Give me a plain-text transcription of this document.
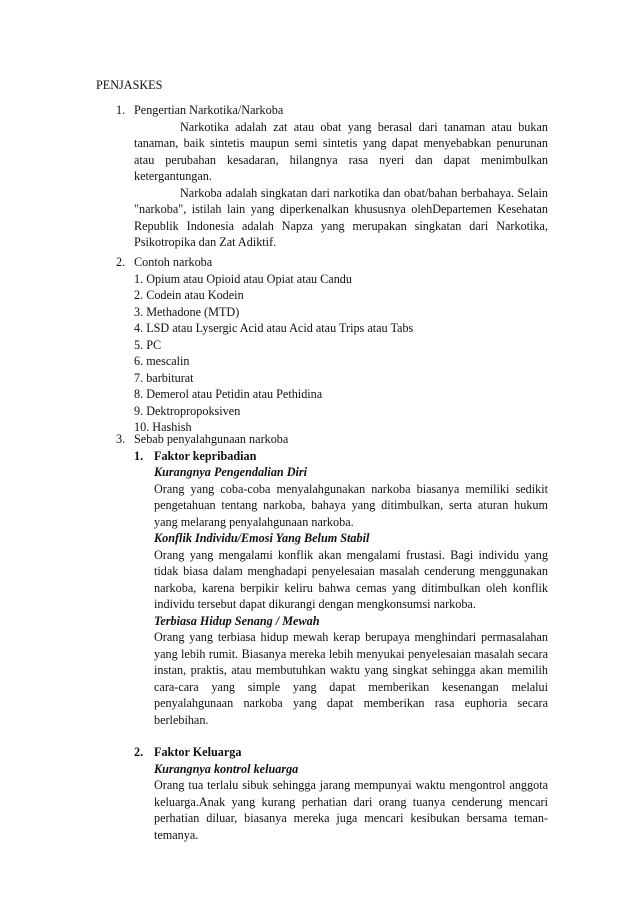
PENJASKES
1. Pengertian Narkotika/Narkoba
Narkotika adalah zat atau obat yang berasal dari tanaman atau bukan tanaman, baik sintetis maupun semi sintetis yang dapat menyebabkan penurunan atau perubahan kesadaran, hilangnya rasa nyeri dan dapat menimbulkan ketergantungan.
Narkoba adalah singkatan dari narkotika dan obat/bahan berbahaya. Selain "narkoba", istilah lain yang diperkenalkan khususnya olehDepartemen Kesehatan Republik Indonesia adalah Napza yang merupakan singkatan dari Narkotika, Psikotropika dan Zat Adiktif.
2. Contoh narkoba
1. Opium atau Opioid atau Opiat atau Candu
2. Codein atau Kodein
3. Methadone (MTD)
4. LSD atau Lysergic Acid atau Acid atau Trips atau Tabs
5. PC
6. mescalin
7. barbiturat
8. Demerol atau Petidin atau Pethidina
9. Dektropropoksiven
10. Hashish
3. Sebab penyalahgunaan narkoba
1. Faktor kepribadian
Kurangnya Pengendalian Diri
Orang yang coba-coba menyalahgunakan narkoba biasanya memiliki sedikit pengetahuan tentang narkoba, bahaya yang ditimbulkan, serta aturan hukum yang melarang penyalahgunaan narkoba.
Konflik Individu/Emosi Yang Belum Stabil
Orang yang mengalami konflik akan mengalami frustasi. Bagi individu yang tidak biasa dalam menghadapi penyelesaian masalah cenderung menggunakan narkoba, karena berpikir keliru bahwa cemas yang ditimbulkan oleh konflik individu tersebut dapat dikurangi dengan mengkonsumsi narkoba.
Terbiasa Hidup Senang / Mewah
Orang yang terbiasa hidup mewah kerap berupaya menghindari permasalahan yang lebih rumit. Biasanya mereka lebih menyukai penyelesaian masalah secara instan, praktis, atau membutuhkan waktu yang singkat sehingga akan memilih cara-cara yang simple yang dapat memberikan kesenangan melalui penyalahgunaan narkoba yang dapat memberikan rasa euphoria secara berlebihan.
2. Faktor Keluarga
Kurangnya kontrol keluarga
Orang tua terlalu sibuk sehingga jarang mempunyai waktu mengontrol anggota keluarga.Anak yang kurang perhatian dari orang tuanya cenderung mencari perhatian diluar, biasanya mereka juga mencari kesibukan bersama teman-temanya.
